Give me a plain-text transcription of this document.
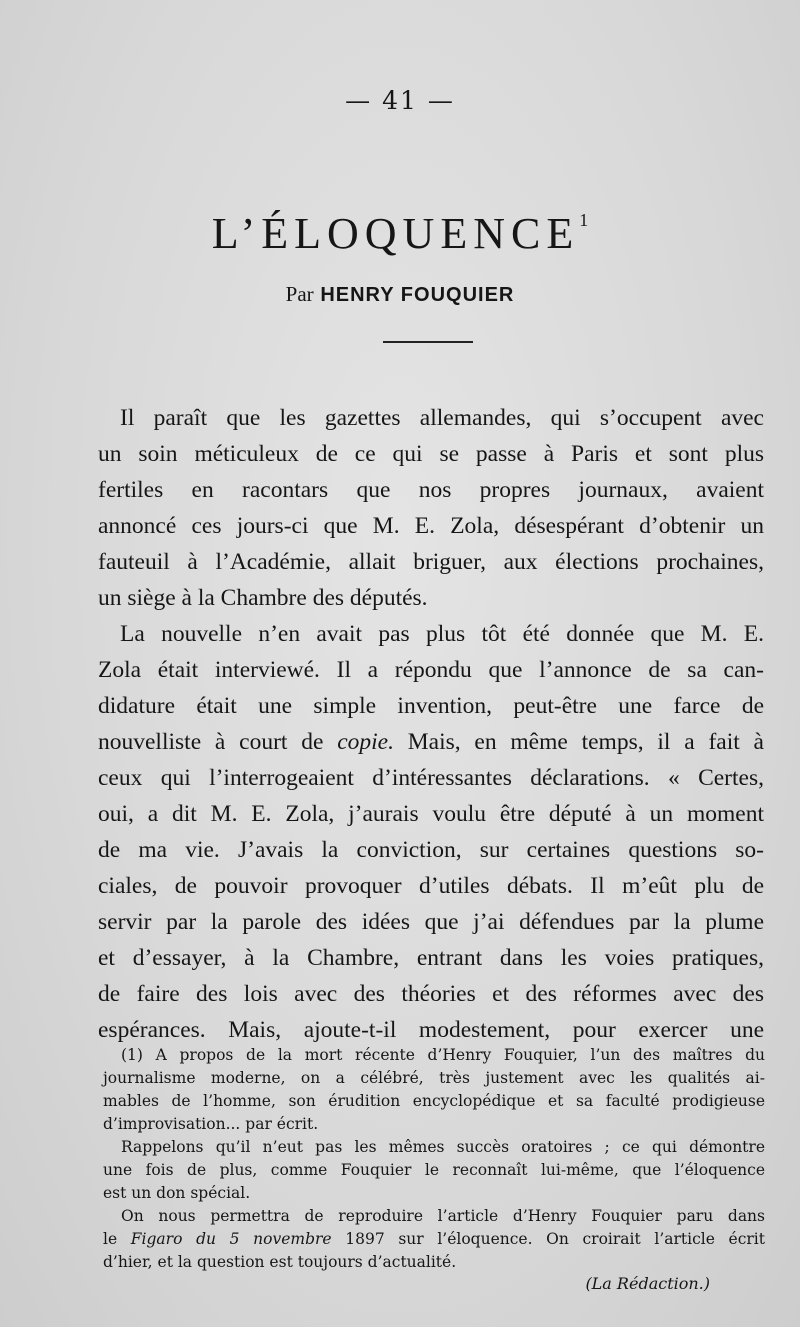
— 41 —
L’ÉLOQUENCE$^1$
Par HENRY FOUQUIER
Il paraît que les gazettes allemandes, qui s’occupent avec
un soin méticuleux de ce qui se passe à Paris et sont plus
fertiles en racontars que nos propres journaux, avaient
annoncé ces jours-ci que M. E. Zola, désespérant d’obtenir un
fauteuil à l’Académie, allait briguer, aux élections prochaines,
un siège à la Chambre des députés.
La nouvelle n’en avait pas plus tôt été donnée que M. E.
Zola était interviewé. Il a répondu que l’annonce de sa can-
didature était une simple invention, peut-être une farce de
nouvelliste à court de copie. Mais, en même temps, il a fait à
ceux qui l’interrogeaient d’intéressantes déclarations. « Certes,
oui, a dit M. E. Zola, j’aurais voulu être député à un moment
de ma vie. J’avais la conviction, sur certaines questions so-
ciales, de pouvoir provoquer d’utiles débats. Il m’eût plu de
servir par la parole des idées que j’ai défendues par la plume
et d’essayer, à la Chambre, entrant dans les voies pratiques,
de faire des lois avec des théories et des réformes avec des
espérances. Mais, ajoute-t-il modestement, pour exercer une
(1) A propos de la mort récente d’Henry Fouquier, l’un des maîtres du
journalisme moderne, on a célébré, très justement avec les qualités ai-
mables de l’homme, son érudition encyclopédique et sa faculté prodigieuse
d’improvisation... par écrit.
Rappelons qu’il n’eut pas les mêmes succès oratoires ; ce qui démontre
une fois de plus, comme Fouquier le reconnaît lui-même, que l’éloquence
est un don spécial.
On nous permettra de reproduire l’article d’Henry Fouquier paru dans
le Figaro du 5 novembre 1897 sur l’éloquence. On croirait l’article écrit
d’hier, et la question est toujours d’actualité.
(La Rédaction.)
